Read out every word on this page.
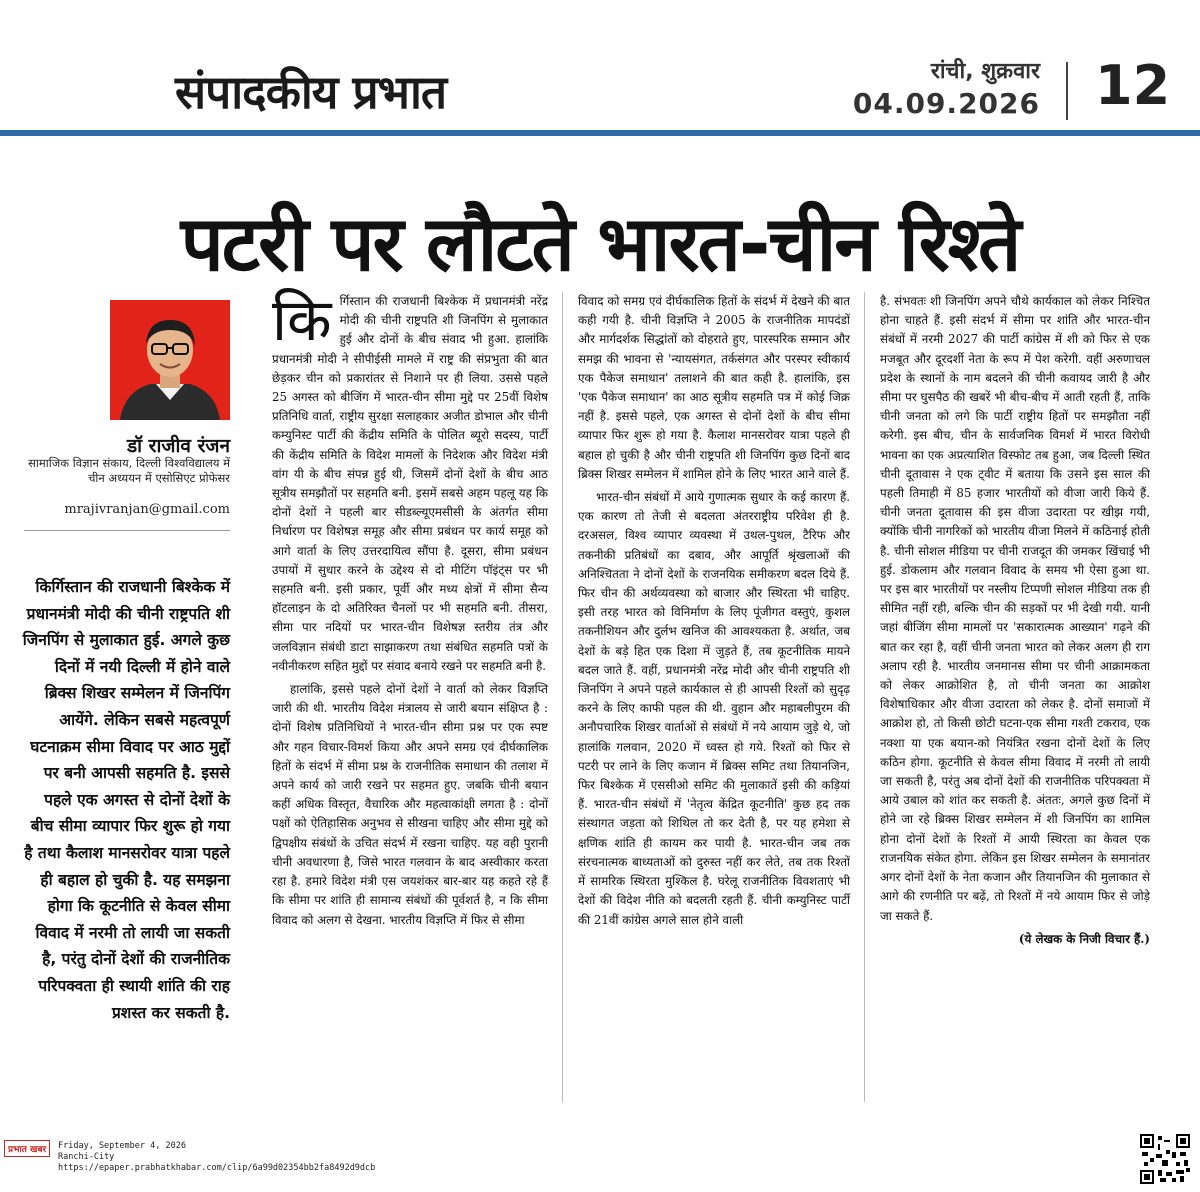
संपादकीय प्रभात	रांची, शुक्रवार
04.09.2026 12
पटरी पर लौटते भारत-चीन रिश्ते
डॉ राजीव रंजन
सामाजिक विज्ञान संकाय, दिल्ली विश्वविद्यालय में चीन अध्ययन में एसोसिएट प्रोफेसर
mrajivranjan@gmail.com
किर्गिस्तान की राजधानी बिश्केक में प्रधानमंत्री मोदी की चीनी राष्ट्रपति शी जिनपिंग से मुलाकात हुई. अगले कुछ दिनों में नयी दिल्ली में होने वाले ब्रिक्स शिखर सम्मेलन में जिनपिंग आयेंगे. लेकिन सबसे महत्वपूर्ण घटनाक्रम सीमा विवाद पर आठ मुद्दों पर बनी आपसी सहमति है. इससे पहले एक अगस्त से दोनों देशों के बीच सीमा व्यापार फिर शुरू हो गया है तथा कैलाश मानसरोवर यात्रा पहले ही बहाल हो चुकी है. यह समझना होगा कि कूटनीति से केवल सीमा विवाद में नरमी तो लायी जा सकती है, परंतु दोनों देशों की राजनीतिक परिपक्वता ही स्थायी शांति की राह प्रशस्त कर सकती है.

किर्गिस्तान की राजधानी बिश्केक में प्रधानमंत्री नरेंद्र मोदी की चीनी राष्ट्रपति शी जिनपिंग से मुलाकात हुई और दोनों के बीच संवाद भी हुआ. हालांकि प्रधानमंत्री मोदी ने सीपीईसी मामले में राष्ट्र की संप्रभुता की बात छेड़कर चीन को प्रकारांतर से निशाने पर ही लिया. उससे पहले 25 अगस्त को बीजिंग में भारत-चीन सीमा मुद्दे पर 25वीं विशेष प्रतिनिधि वार्ता, राष्ट्रीय सुरक्षा सलाहकार अजीत डोभाल और चीनी कम्युनिस्ट पार्टी की केंद्रीय समिति के पोलित ब्यूरो सदस्य, पार्टी की केंद्रीय समिति के विदेश मामलों के निदेशक और विदेश मंत्री वांग यी के बीच संपन्न हुई थी, जिसमें दोनों देशों के बीच आठ सूत्रीय समझौतों पर सहमति बनी. इसमें सबसे अहम पहलू यह कि दोनों देशों ने पहली बार सीडब्ल्यूएमसीसी के अंतर्गत सीमा निर्धारण पर विशेषज्ञ समूह और सीमा प्रबंधन पर कार्य समूह को आगे वार्ता के लिए उत्तरदायित्व सौंपा है. दूसरा, सीमा प्रबंधन उपायों में सुधार करने के उद्देश्य से दो मीटिंग पॉइंट्स पर भी सहमति बनी. इसी प्रकार, पूर्वी और मध्य क्षेत्रों में सीमा सैन्य हॉटलाइन के दो अतिरिक्त चैनलों पर भी सहमति बनी. तीसरा, सीमा पार नदियों पर भारत-चीन विशेषज्ञ स्तरीय तंत्र और जलविज्ञान संबंधी डाटा साझाकरण तथा संबंधित सहमति पत्रों के नवीनीकरण सहित मुद्दों पर संवाद बनाये रखने पर सहमति बनी है.

हालांकि, इससे पहले दोनों देशों ने वार्ता को लेकर विज्ञप्ति जारी की थी. भारतीय विदेश मंत्रालय से जारी बयान संक्षिप्त है : दोनों विशेष प्रतिनिधियों ने भारत-चीन सीमा प्रश्न पर एक स्पष्ट और गहन विचार-विमर्श किया और अपने समग्र एवं दीर्घकालिक हितों के संदर्भ में सीमा प्रश्न के राजनीतिक समाधान की तलाश में अपने कार्य को जारी रखने पर सहमत हुए. जबकि चीनी बयान कहीं अधिक विस्तृत, वैचारिक और महत्वाकांक्षी लगता है : दोनों पक्षों को ऐतिहासिक अनुभव से सीखना चाहिए और सीमा मुद्दे को द्विपक्षीय संबंधों के उचित संदर्भ में रखना चाहिए. यह वही पुरानी चीनी अवधारणा है, जिसे भारत गलवान के बाद अस्वीकार करता रहा है. हमारे विदेश मंत्री एस जयशंकर बार-बार यह कहते रहे हैं कि सीमा पर शांति ही सामान्य संबंधों की पूर्वशर्त है, न कि सीमा विवाद को अलग से देखना. भारतीय विज्ञप्ति में फिर से सीमा

विवाद को समग्र एवं दीर्घकालिक हितों के संदर्भ में देखने की बात कही गयी है. चीनी विज्ञप्ति ने 2005 के राजनीतिक मापदंडों और मार्गदर्शक सिद्धांतों को दोहराते हुए, पारस्परिक सम्मान और समझ की भावना से 'न्यायसंगत, तर्कसंगत और परस्पर स्वीकार्य एक पैकेज समाधान' तलाशने की बात कही है. हालांकि, इस 'एक पैकेज समाधान' का आठ सूत्रीय सहमति पत्र में कोई जिक्र नहीं है. इससे पहले, एक अगस्त से दोनों देशों के बीच सीमा व्यापार फिर शुरू हो गया है. कैलाश मानसरोवर यात्रा पहले ही बहाल हो चुकी है और चीनी राष्ट्रपति शी जिनपिंग कुछ दिनों बाद ब्रिक्स शिखर सम्मेलन में शामिल होने के लिए भारत आने वाले हैं.

भारत-चीन संबंधों में आये गुणात्मक सुधार के कई कारण हैं. एक कारण तो तेजी से बदलता अंतरराष्ट्रीय परिवेश ही है. दरअसल, विश्व व्यापार व्यवस्था में उथल-पुथल, टैरिफ और तकनीकी प्रतिबंधों का दबाव, और आपूर्ति श्रृंखलाओं की अनिश्चितता ने दोनों देशों के राजनयिक समीकरण बदल दिये हैं. फिर चीन की अर्थव्यवस्था को बाजार और स्थिरता भी चाहिए. इसी तरह भारत को विनिर्माण के लिए पूंजीगत वस्तुएं, कुशल तकनीशियन और दुर्लभ खनिज की आवश्यकता है. अर्थात, जब देशों के बड़े हित एक दिशा में जुड़ते हैं, तब कूटनीतिक मायने बदल जाते हैं. वहीं, प्रधानमंत्री नरेंद्र मोदी और चीनी राष्ट्रपति शी जिनपिंग ने अपने पहले कार्यकाल से ही आपसी रिश्तों को सुदृढ़ करने के लिए काफी पहल की थी. वुहान और महाबलीपुरम की अनौपचारिक शिखर वार्ताओं से संबंधों में नये आयाम जुड़े थे, जो हालांकि गलवान, 2020 में ध्वस्त हो गये. रिश्तों को फिर से पटरी पर लाने के लिए कजान में ब्रिक्स समिट तथा तियानजिन, फिर बिश्केक में एससीओ समिट की मुलाकातें इसी की कड़ियां हैं. भारत-चीन संबंधों में 'नेतृत्व केंद्रित कूटनीति' कुछ हद तक संस्थागत जड़ता को शिथिल तो कर देती है, पर यह हमेशा से क्षणिक शांति ही कायम कर पायी है. भारत-चीन जब तक संरचनात्मक बाध्यताओं को दुरुस्त नहीं कर लेते, तब तक रिश्तों में सामरिक स्थिरता मुश्किल है. घरेलू राजनीतिक विवशताएं भी देशों की विदेश नीति को बदलती रहती हैं. चीनी कम्युनिस्ट पार्टी की 21वीं कांग्रेस अगले साल होने वाली

है. संभवतः शी जिनपिंग अपने चौथे कार्यकाल को लेकर निश्चित होना चाहते हैं. इसी संदर्भ में सीमा पर शांति और भारत-चीन संबंधों में नरमी 2027 की पार्टी कांग्रेस में शी को फिर से एक मजबूत और दूरदर्शी नेता के रूप में पेश करेगी. वहीं अरुणाचल प्रदेश के स्थानों के नाम बदलने की चीनी कवायद जारी है और सीमा पर घुसपैठ की खबरें भी बीच-बीच में आती रहती हैं, ताकि चीनी जनता को लगे कि पार्टी राष्ट्रीय हितों पर समझौता नहीं करेगी. इस बीच, चीन के सार्वजनिक विमर्श में भारत विरोधी भावना का एक अप्रत्याशित विस्फोट तब हुआ, जब दिल्ली स्थित चीनी दूतावास ने एक ट्वीट में बताया कि उसने इस साल की पहली तिमाही में 85 हजार भारतीयों को वीजा जारी किये हैं. चीनी जनता दूतावास की इस वीजा उदारता पर खीझ गयी, क्योंकि चीनी नागरिकों को भारतीय वीजा मिलने में कठिनाई होती है. चीनी सोशल मीडिया पर चीनी राजदूत की जमकर खिंचाई भी हुई. डोकलाम और गलवान विवाद के समय भी ऐसा हुआ था. पर इस बार भारतीयों पर नस्लीय टिप्पणी सोशल मीडिया तक ही सीमित नहीं रही, बल्कि चीन की सड़कों पर भी देखी गयी. यानी जहां बीजिंग सीमा मामलों पर 'सकारात्मक आख्यान' गढ़ने की बात कर रहा है, वहीं चीनी जनता भारत को लेकर अलग ही राग अलाप रही है. भारतीय जनमानस सीमा पर चीनी आक्रामकता को लेकर आक्रोशित है, तो चीनी जनता का आक्रोश विशेषाधिकार और वीजा उदारता को लेकर है. दोनों समाजों में आक्रोश हो, तो किसी छोटी घटना-एक सीमा गश्ती टकराव, एक नक्शा या एक बयान-को नियंत्रित रखना दोनों देशों के लिए कठिन होगा. कूटनीति से केवल सीमा विवाद में नरमी तो लायी जा सकती है, परंतु अब दोनों देशों की राजनीतिक परिपक्वता में आये उबाल को शांत कर सकती है. अंततः, अगले कुछ दिनों में होने जा रहे ब्रिक्स शिखर सम्मेलन में शी जिनपिंग का शामिल होना दोनों देशों के रिश्तों में आयी स्थिरता का केवल एक राजनयिक संकेत होगा. लेकिन इस शिखर सम्मेलन के समानांतर अगर दोनों देशों के नेता कजान और तियानजिन की मुलाकात से आगे की रणनीति पर बढ़ें, तो रिश्तों में नये आयाम फिर से जोड़े जा सकते हैं.

(ये लेखक के निजी विचार हैं.)

प्रभात खबर	Friday, September 4, 2026
Ranchi-City
https://epaper.prabhatkhabar.com/clip/6a99d02354bb2fa8492d9dcb
